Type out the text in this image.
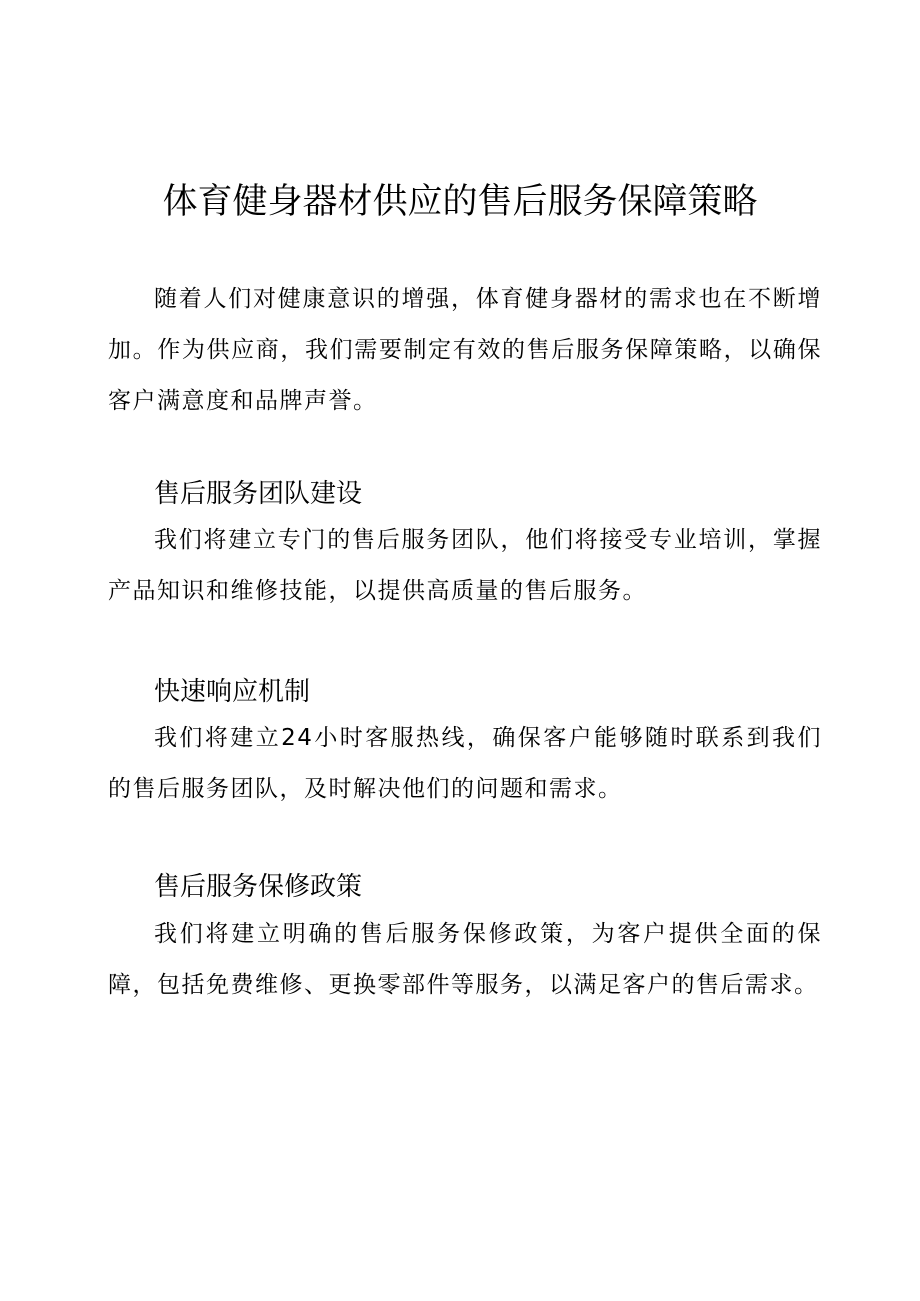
体育健身器材供应的售后服务保障策略

随着人们对健康意识的增强，体育健身器材的需求也在不断增加。作为供应商，我们需要制定有效的售后服务保障策略，以确保客户满意度和品牌声誉。

售后服务团队建设

我们将建立专门的售后服务团队，他们将接受专业培训，掌握产品知识和维修技能，以提供高质量的售后服务。

快速响应机制

我们将建立24小时客服热线，确保客户能够随时联系到我们的售后服务团队，及时解决他们的问题和需求。

售后服务保修政策

我们将建立明确的售后服务保修政策，为客户提供全面的保障，包括免费维修、更换零部件等服务，以满足客户的售后需求。
